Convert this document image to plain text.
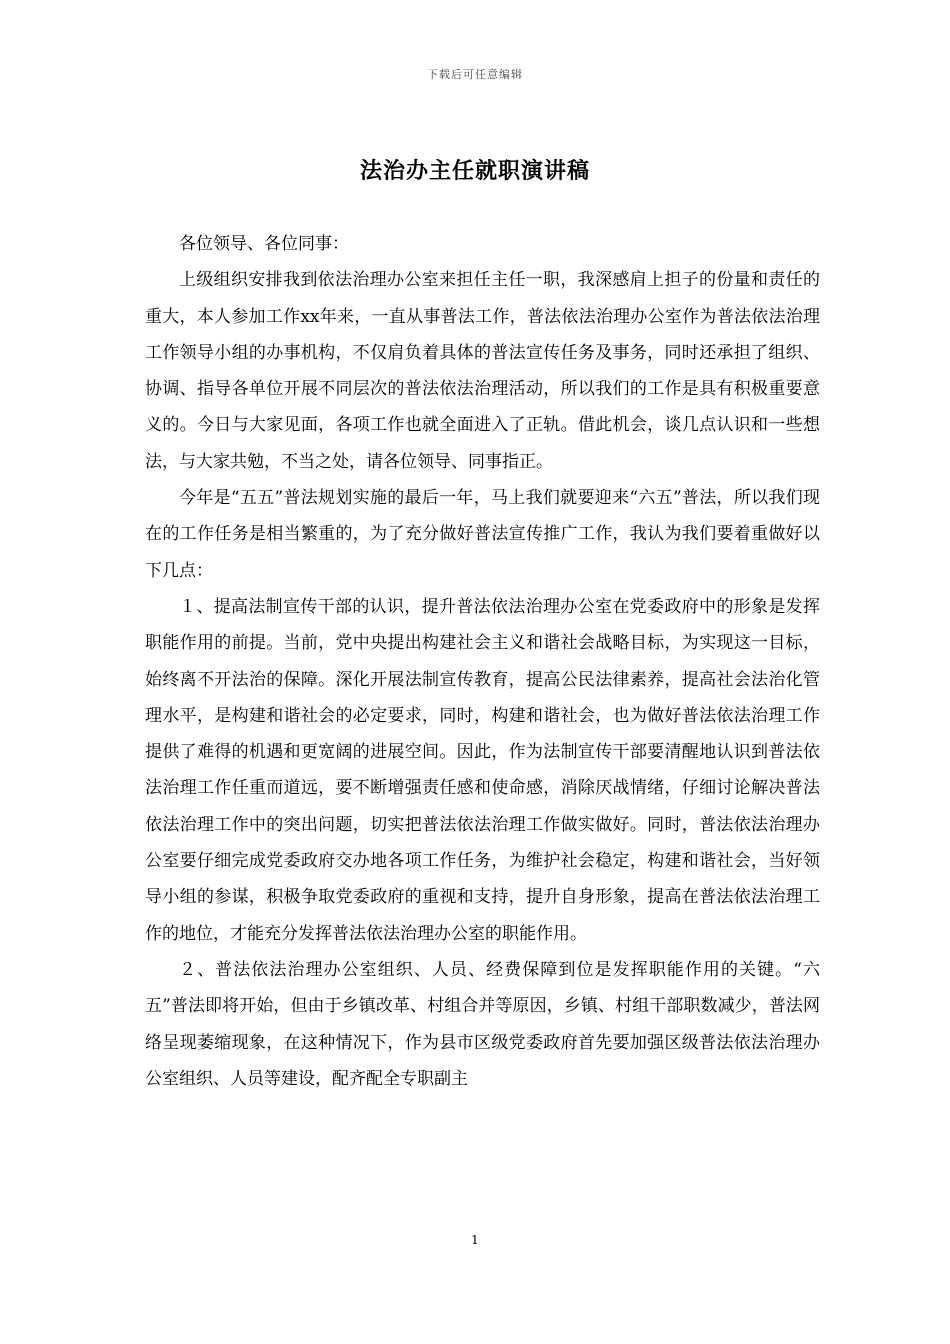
下载后可任意编辑
法治办主任就职演讲稿

各位领导、各位同事：

上级组织安排我到依法治理办公室来担任主任一职，我深感肩上担子的份量和责任的重大，本人参加工作xx年来，一直从事普法工作，普法依法治理办公室作为普法依法治理工作领导小组的办事机构，不仅肩负着具体的普法宣传任务及事务，同时还承担了组织、协调、指导各单位开展不同层次的普法依法治理活动，所以我们的工作是具有积极重要意义的。今日与大家见面，各项工作也就全面进入了正轨。借此机会，谈几点认识和一些想法，与大家共勉，不当之处，请各位领导、同事指正。

今年是“五五”普法规划实施的最后一年，马上我们就要迎来“六五”普法，所以我们现在的工作任务是相当繁重的，为了充分做好普法宣传推广工作，我认为我们要着重做好以下几点：

１、提高法制宣传干部的认识，提升普法依法治理办公室在党委政府中的形象是发挥职能作用的前提。当前，党中央提出构建社会主义和谐社会战略目标，为实现这一目标，始终离不开法治的保障。深化开展法制宣传教育，提高公民法律素养，提高社会法治化管理水平，是构建和谐社会的必定要求，同时，构建和谐社会，也为做好普法依法治理工作提供了难得的机遇和更宽阔的进展空间。因此，作为法制宣传干部要清醒地认识到普法依法治理工作任重而道远，要不断增强责任感和使命感，消除厌战情绪，仔细讨论解决普法依法治理工作中的突出问题，切实把普法依法治理工作做实做好。同时，普法依法治理办公室要仔细完成党委政府交办地各项工作任务，为维护社会稳定，构建和谐社会，当好领导小组的参谋，积极争取党委政府的重视和支持，提升自身形象，提高在普法依法治理工作的地位，才能充分发挥普法依法治理办公室的职能作用。

２、普法依法治理办公室组织、人员、经费保障到位是发挥职能作用的关键。“六五”普法即将开始，但由于乡镇改革、村组合并等原因，乡镇、村组干部职数减少，普法网络呈现萎缩现象，在这种情况下，作为县市区级党委政府首先要加强区级普法依法治理办公室组织、人员等建设，配齐配全专职副主

1
